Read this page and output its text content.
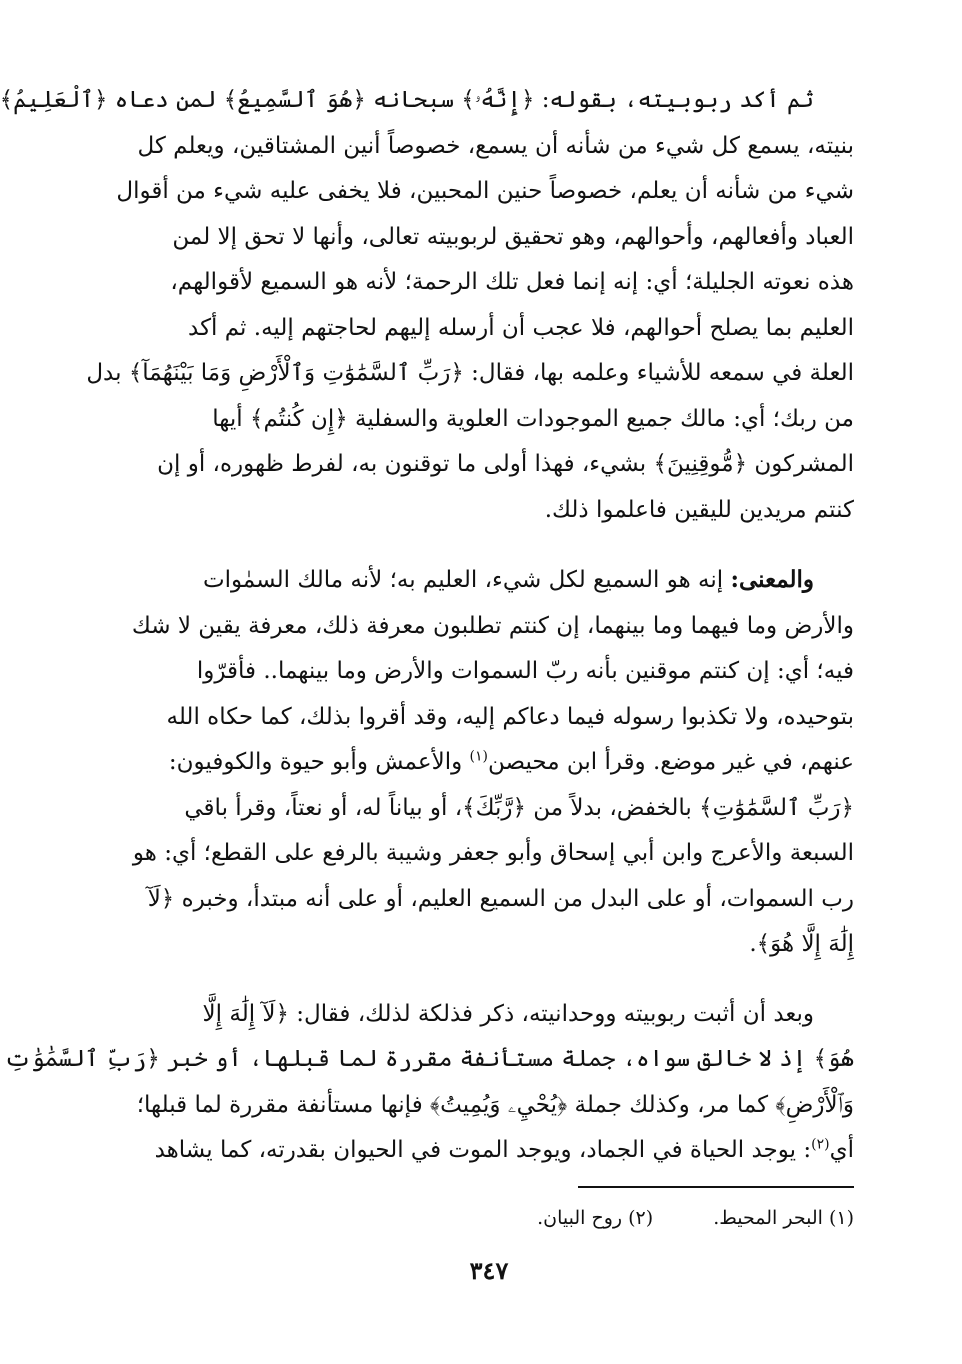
ثم أكد ربوبيته، بقوله: ﴿إِنَّهُۥ﴾ سبحانه ﴿هُوَ ٱلسَّمِيعُ﴾ لمن دعاه ﴿ٱلْعَلِيمُ﴾
بنيته، يسمع كل شيء من شأنه أن يسمع، خصوصاً أنين المشتاقين، ويعلم كل
شيء من شأنه أن يعلم، خصوصاً حنين المحبين، فلا يخفى عليه شيء من أقوال
العباد وأفعالهم، وأحوالهم، وهو تحقيق لربوبيته تعالى، وأنها لا تحق إلا لمن
هذه نعوته الجليلة؛ أي: إنه إنما فعل تلك الرحمة؛ لأنه هو السميع لأقوالهم،
العليم بما يصلح أحوالهم، فلا عجب أن أرسله إليهم لحاجتهم إليه. ثم أكد
العلة في سمعه للأشياء وعلمه بها، فقال: ﴿رَبِّ ٱلسَّمَٰوَٰتِ وَٱلْأَرْضِ وَمَا بَيْنَهُمَآ﴾ بدل
من ربك؛ أي: مالك جميع الموجودات العلوية والسفلية ﴿إِن كُنتُم﴾ أيها
المشركون ﴿مُّوقِنِينَ﴾ بشيء، فهذا أولى ما توقنون به، لفرط ظهوره، أو إن
كنتم مريدين لليقين فاعلموا ذلك.

والمعنى: إنه هو السميع لكل شيء، العليم به؛ لأنه مالك السمٰوات
والأرض وما فيهما وما بينهما، إن كنتم تطلبون معرفة ذلك، معرفة يقين لا شك
فيه؛ أي: إن كنتم موقنين بأنه ربّ السموات والأرض وما بينهما.. فأقرّوا
بتوحيده، ولا تكذبوا رسوله فيما دعاكم إليه، وقد أقروا بذلك، كما حكاه الله
عنهم، في غير موضع. وقرأ ابن محيصن$^{(١)}$ والأعمش وأبو حيوة والكوفيون:
﴿رَبِّ ٱلسَّمَٰوَٰتِ﴾ بالخفض، بدلاً من ﴿رَّبِّكَ﴾، أو بياناً له، أو نعتاً، وقرأ باقي
السبعة والأعرج وابن أبي إسحاق وأبو جعفر وشيبة بالرفع على القطع؛ أي: هو
رب السموات، أو على البدل من السميع العليم، أو على أنه مبتدأ، وخبره ﴿لَآ
إِلَٰهَ إِلَّا هُوَ﴾.

وبعد أن أثبت ربوبيته ووحدانيته، ذكر فذلكة لذلك، فقال: ﴿لَآ إِلَٰهَ إِلَّا
هُوَ﴾ إذ لا خالق سواه، جملة مستأنفة مقررة لما قبلها، أو خبر ﴿رَبِّ ٱلسَّمَٰوَٰتِ
وَٱلْأَرْضِ﴾ كما مر، وكذلك جملة ﴿يُحْيِۦ وَيُمِيتُ﴾ فإنها مستأنفة مقررة لما قبلها؛
أي$^{(٢)}$: يوجد الحياة في الجماد، ويوجد الموت في الحيوان بقدرته، كما يشاهد

(١) البحر المحيط.
(٢) روح البيان.
٣٤٧
